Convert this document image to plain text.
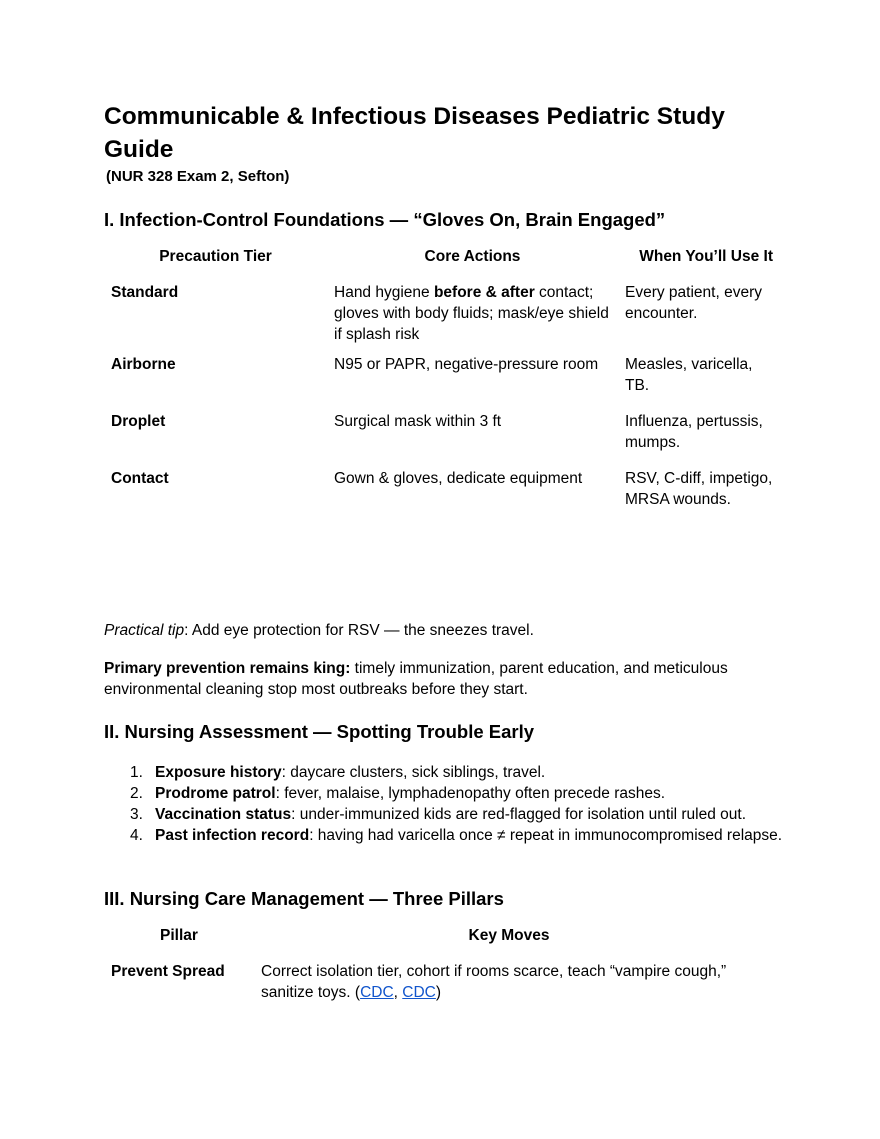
Communicable & Infectious Diseases Pediatric Study Guide
(NUR 328 Exam 2, Sefton)
I. Infection-Control Foundations — “Gloves On, Brain Engaged”
Precaution Tier	Core Actions	When You’ll Use It
Standard	Hand hygiene before & after contact; gloves with body fluids; mask/eye shield if splash risk	Every patient, every encounter.
Airborne	N95 or PAPR, negative-pressure room	Measles, varicella, TB.
Droplet	Surgical mask within 3 ft	Influenza, pertussis, mumps.
Contact	Gown & gloves, dedicate equipment	RSV, C-diff, impetigo, MRSA wounds.

Practical tip: Add eye protection for RSV — the sneezes travel.

Primary prevention remains king: timely immunization, parent education, and meticulous environmental cleaning stop most outbreaks before they start.

II. Nursing Assessment — Spotting Trouble Early
1. Exposure history: daycare clusters, sick siblings, travel.
2. Prodrome patrol: fever, malaise, lymphadenopathy often precede rashes.
3. Vaccination status: under-immunized kids are red-flagged for isolation until ruled out.
4. Past infection record: having had varicella once ≠ repeat in immunocompromised relapse.
III. Nursing Care Management — Three Pillars
Pillar	Key Moves
Prevent Spread	Correct isolation tier, cohort if rooms scarce, teach “vampire cough,” sanitize toys. (CDC, CDC)
